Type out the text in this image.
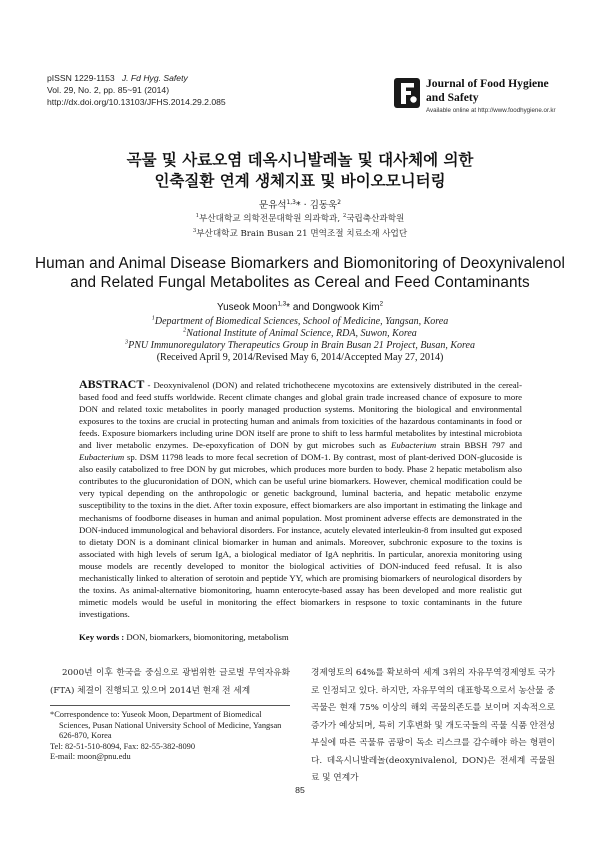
pISSN 1229-1153 J. Fd Hyg. Safety
Vol. 29, No. 2, pp. 85~91 (2014)
http://dx.doi.org/10.13103/JFHS.2014.29.2.085
Journal of Food Hygiene
and Safety
Available online at http://www.foodhygiene.or.kr
곡물 및 사료오염 데옥시니발레놀 및 대사체에 의한
인축질환 연계 생체지표 및 바이오모니터링
문유석$^{1,3}$* · 김동욱$^2$
$^1$부산대학교 의학전문대학원 의과학과, $^2$국립축산과학원
$^3$부산대학교 Brain Busan 21 면역조절 치료소재 사업단
Human and Animal Disease Biomarkers and Biomonitoring of Deoxynivalenol
and Related Fungal Metabolites as Cereal and Feed Contaminants
Yuseok Moon$^{1,3}$* and Dongwook Kim$^2$
$^1$Department of Biomedical Sciences, School of Medicine, Yangsan, Korea
$^2$National Institute of Animal Science, RDA, Suwon, Korea
$^3$PNU Immunoregulatory Therapeutics Group in Brain Busan 21 Project, Busan, Korea
(Received April 9, 2014/Revised May 6, 2014/Accepted May 27, 2014)
ABSTRACT - Deoxynivalenol (DON) and related trichothecene mycotoxins are extensively distributed in the cereal-based food and feed stuffs worldwide. Recent climate changes and global grain trade increased chance of exposure to more DON and related toxic metabolites in poorly managed production systems. Monitoring the biological and environmental exposures to the toxins are crucial in protecting human and animals from toxicities of the hazardous contaminants in food or feeds. Exposure biomarkers including urine DON itself are prone to shift to less harmful metabolites by intestinal microbiota and liver metabolic enzymes. De-epoxyfication of DON by gut microbes such as Eubacterium strain BBSH 797 and Eubacterium sp. DSM 11798 leads to more fecal secretion of DOM-1. By contrast, most of plant-derived DON-glucoside is also easily catabolized to free DON by gut microbes, which produces more burden to body. Phase 2 hepatic metabolism also contributes to the glucuronidation of DON, which can be useful urine biomarkers. However, chemical modification could be very typical depending on the anthropologic or genetic background, luminal bacteria, and hepatic metabolic enzyme susceptibility to the toxins in the diet. After toxin exposure, effect biomarkers are also important in estimating the linkage and mechanisms of foodborne diseases in human and animal population. Most prominent adverse effects are demonstrated in the DON-induced immunological and behavioral disorders. For instance, acutely elevated interleukin-8 from insulted gut exposed to dietaty DON is a dominant clinical biomarker in human and animals. Moreover, subchronic exposure to the toxins is associated with high levels of serum IgA, a biological mediator of IgA nephritis. In particular, anorexia monitoring using mouse models are recently developed to monitor the biological activities of DON-induced feed refusal. It is also mechanistically linked to alteration of serotoin and peptide YY, which are promising biomarkers of neurological disorders by the toxins. As animal-alternative biomonitoring, huamn enterocyte-based assay has been developed and more realistic gut mimetic models would be useful in monitoring the effect biomarkers in respsone to toxic contaminants in the future investigations.
Key words : DON, biomarkers, biomonitoring, metabolism
2000년 이후 한국을 중심으로 광범위한 글로벌 무역자유화(FTA) 체결이 진행되고 있으며 2014년 현재 전 세계
경제영토의 64%를 확보하여 세계 3위의 자유무역경제영토 국가로 인정되고 있다. 하지만, 자유무역의 대표항목으로서 농산물 중 곡물은 현재 75% 이상의 해외 곡물의존도를 보이며 지속적으로 증가가 예상되며, 특히 기후변화 및 개도국들의 곡물 식품 안전성 부실에 따른 곡물류 곰팡이 독소 리스크를 감수해야 하는 형편이다. 데옥시니발레놀(deoxynivalenol, DON)은 전세계 곡물원료 및 연계가
*Correspondence to: Yuseok Moon, Department of Biomedical Sciences, Pusan National University School of Medicine, Yangsan 626-870, Korea
Tel: 82-51-510-8094, Fax: 82-55-382-8090
E-mail: moon@pnu.edu
85
